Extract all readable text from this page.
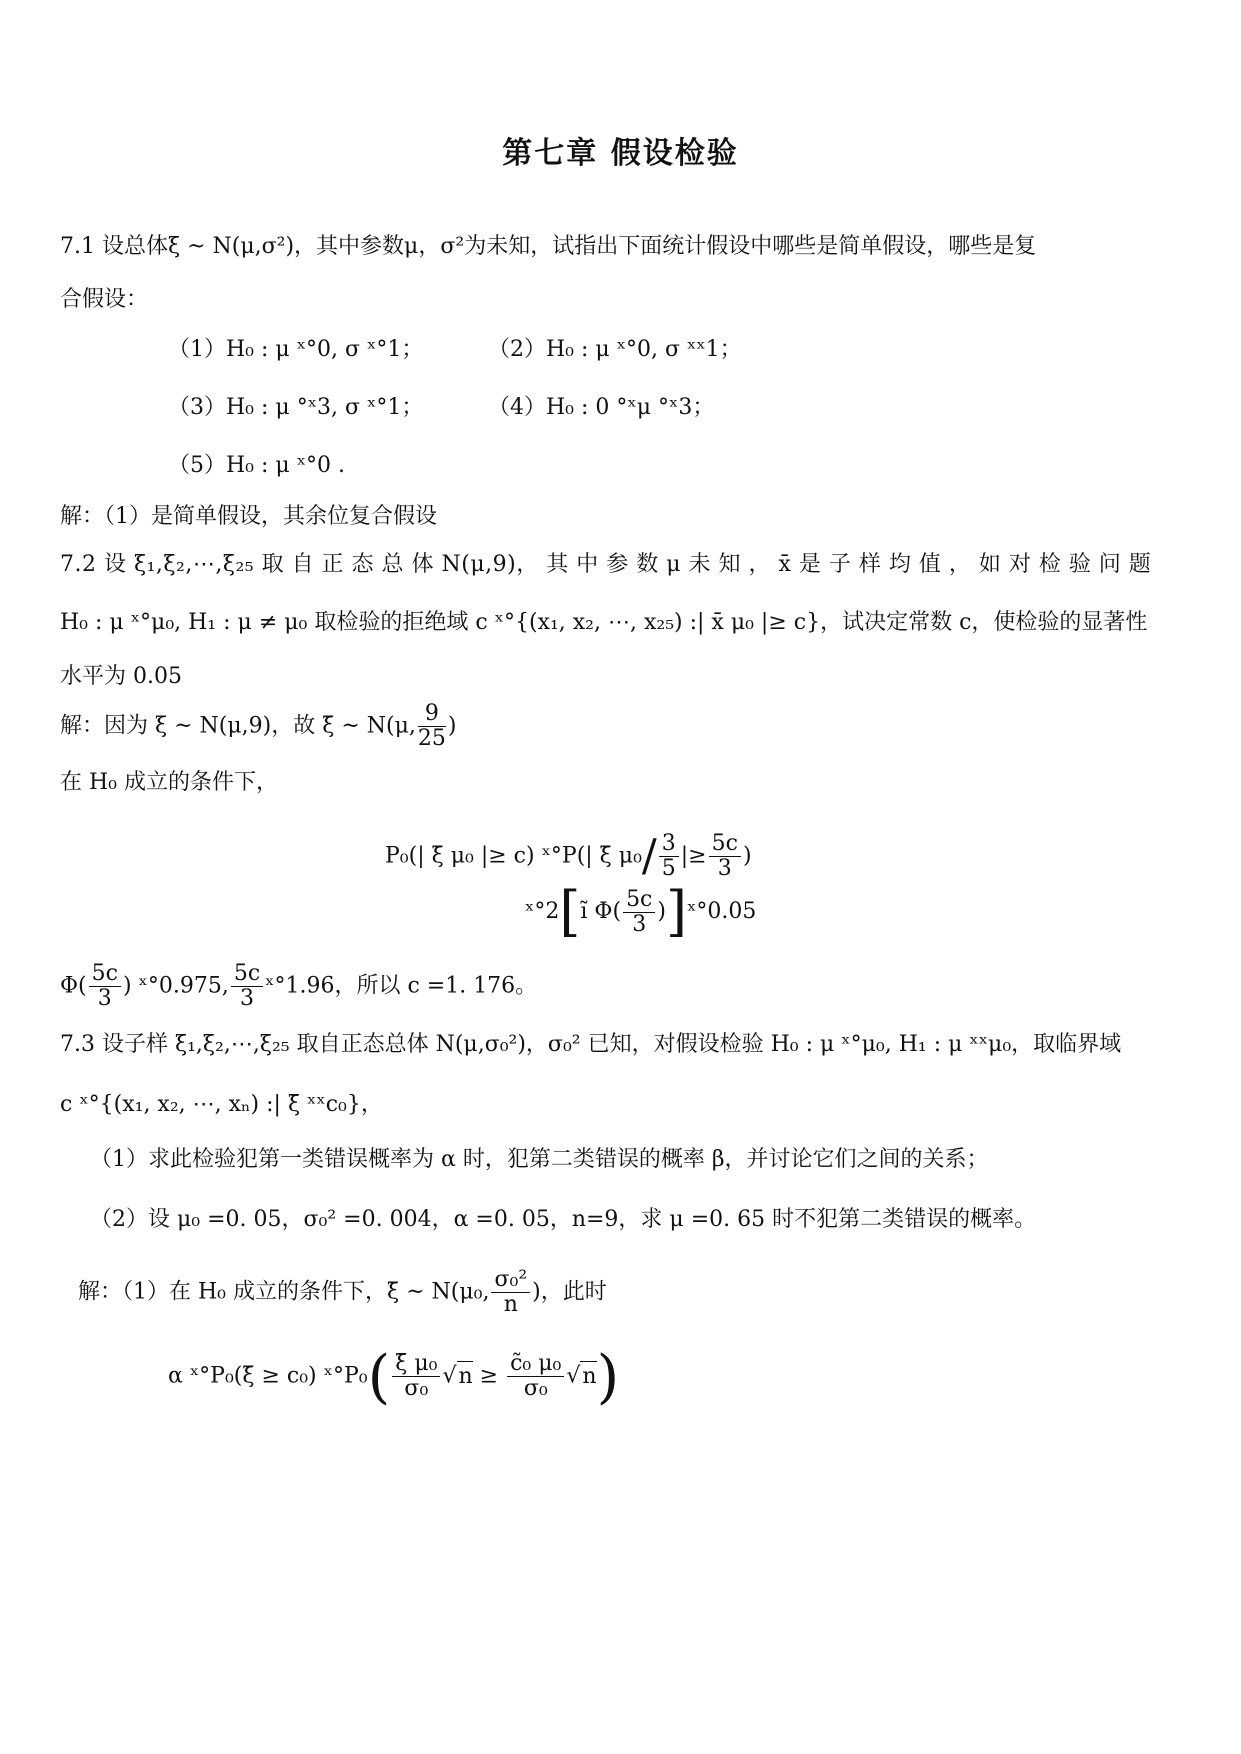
第七章 假设检验
7.1 设总体ξ ~ N(μ,σ²)，其中参数μ，σ²为未知，试指出下面统计假设中哪些是简单假设，哪些是复
合假设：
（1）H₀ : μ ˣ°0, σ ˣ°1；	（2）H₀ : μ ˣ°0, σ ˣˣ1；
（3）H₀ : μ °ˣ3, σ ˣ°1；	（4）H₀ : 0 °ˣμ °ˣ3；
（5）H₀ : μ ˣ°0 .
解：（1）是简单假设，其余位复合假设
7.2 设 ξ₁,ξ₂,⋯,ξ₂₅ 取 自 正 态 总 体 N(μ,9)， 其 中 参 数 μ 未 知 ， x̄ 是 子 样 均 值 ， 如 对 检 验 问 题
H₀ : μ ˣ°μ₀, H₁ : μ ≠ μ₀ 取检验的拒绝域 c ˣ°{(x₁, x₂, ⋯, x₂₅) :| x̄ μ₀ |≥ c}，试决定常数 c，使检验的显著性
水平为 0.05
解：因为 ξ ~ N(μ,9)，故 ξ̄ ~ N(μ, $\frac{9}{25}$ )
在 H₀ 成立的条件下，
P₀(| ξ̄ μ₀ |≥ c) ˣ°P(| ξ̄ $\mu_0/ \frac{3}{5}$ |≥ $\frac{5c}{3}$ )
ˣ°2[ĩ $\Phi( \frac{5c}{3}$ )]ˣ°0.05
$\Phi( \frac{5c}{3}$ ) ˣ°0.975, $\frac{5c}{3}$ ˣ°1.96，所以 c =1. 176。
7.3 设子样 ξ₁,ξ₂,⋯,ξ₂₅ 取自正态总体 N(μ,σ₀²)，σ₀² 已知，对假设检验 H₀ : μ ˣ°μ₀, H₁ : μ ˣˣμ₀，取临界域
c ˣ°{(x₁, x₂, ⋯, xₙ) :| ξ̄ ˣˣc₀}，
（1）求此检验犯第一类错误概率为 α 时，犯第二类错误的概率 β，并讨论它们之间的关系；
（2）设 μ₀ =0. 05，σ₀² =0. 004，α =0. 05，n=9，求 μ =0. 65 时不犯第二类错误的概率。
解：（1）在 H₀ 成立的条件下，ξ̄ ~ N(μ₀, $\frac{\text{σ₀²}}{n}$ )，此时
α ˣ°P₀(ξ̄ ≥ c₀) ˣ°P₀( $\frac{\text{ξ̄ μ₀}}{\text{σ₀}} √n \ge \frac{\text{c̃₀ μ₀}}{\text{σ₀}} √n$)
